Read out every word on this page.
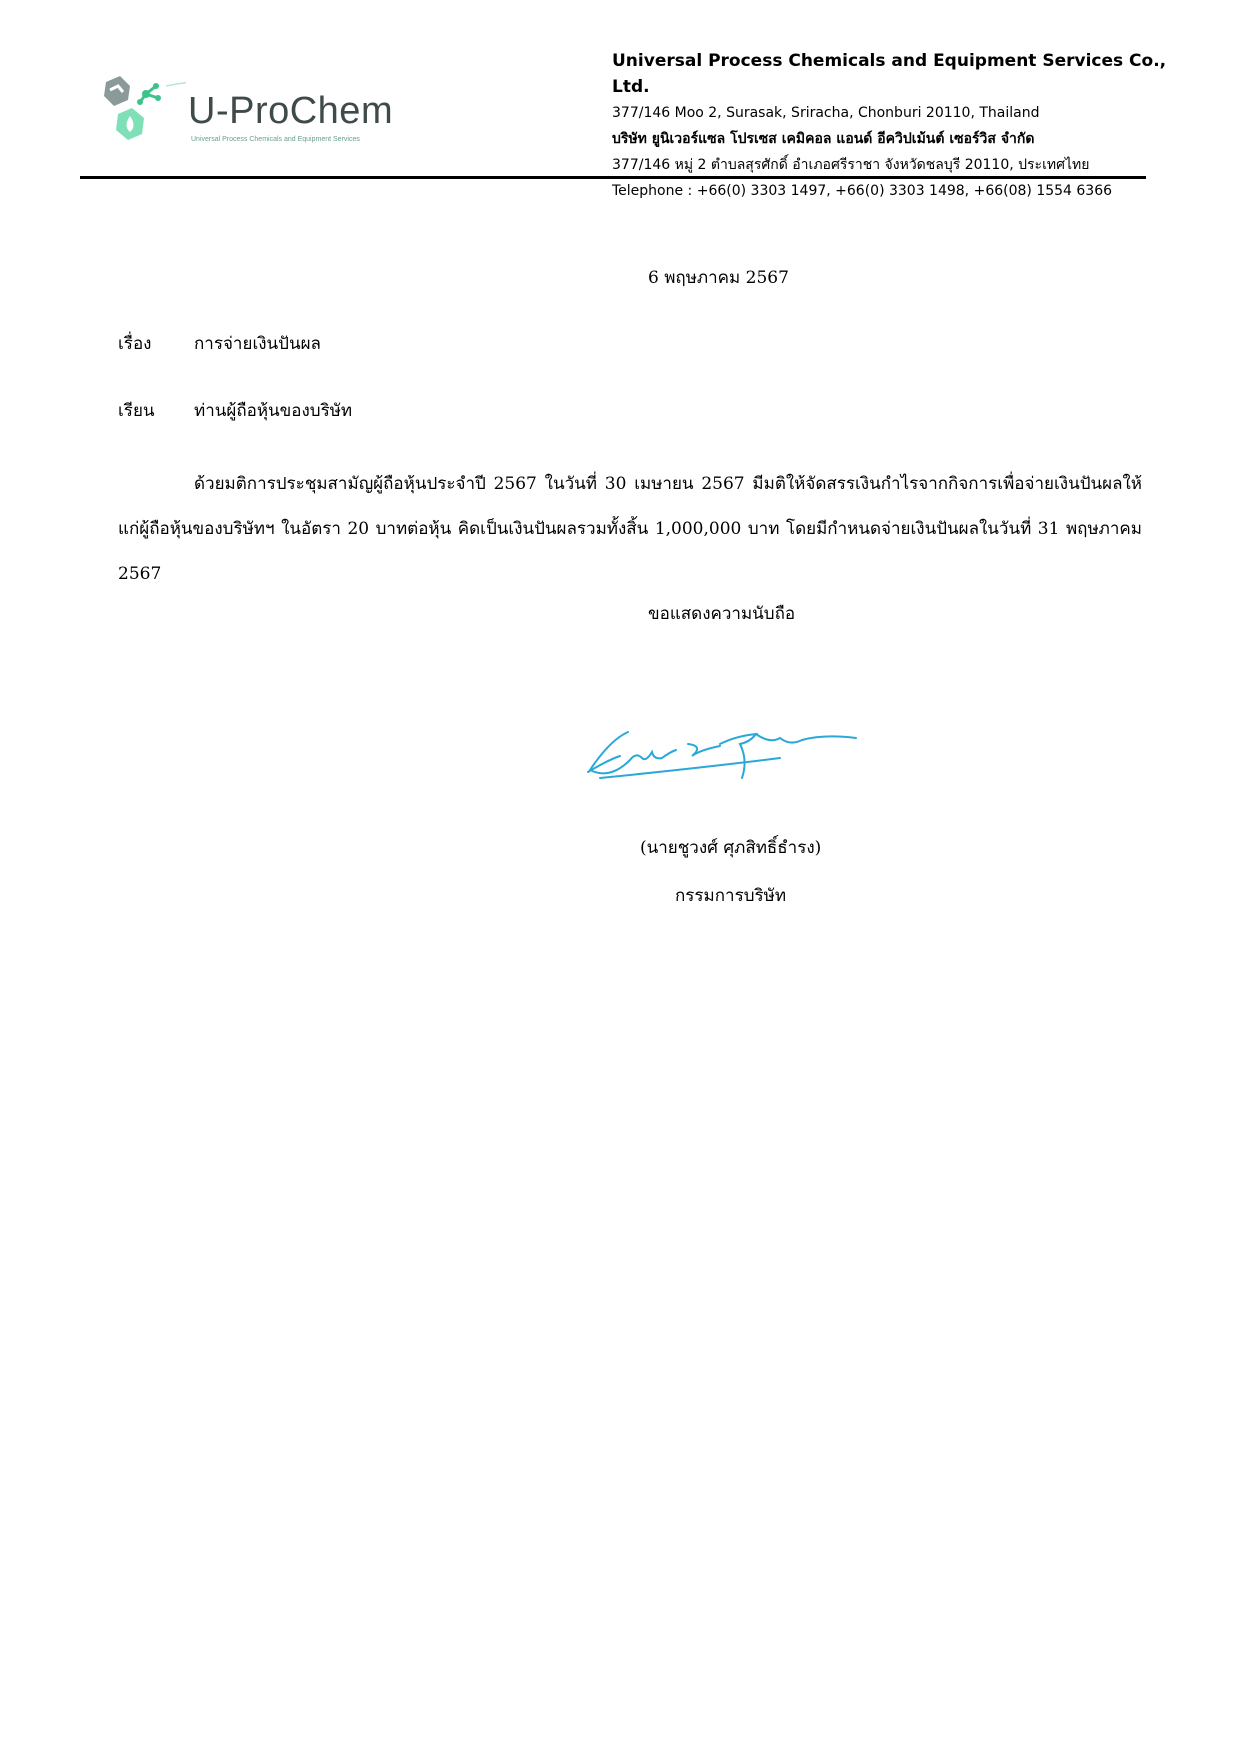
U-ProChem
Universal Process Chemicals and Equipment Services
Universal Process Chemicals and Equipment Services Co., Ltd.
377/146 Moo 2, Surasak, Sriracha, Chonburi 20110, Thailand
บริษัท ยูนิเวอร์แซล โปรเซส เคมิคอล แอนด์ อีควิปเม้นต์ เซอร์วิส จำกัด
377/146 หมู่ 2 ตำบลสุรศักดิ์ อำเภอศรีราชา จังหวัดชลบุรี 20110, ประเทศไทย
Telephone : +66(0) 3303 1497, +66(0) 3303 1498, +66(08) 1554 6366
6 พฤษภาคม 2567
เรื่อง	การจ่ายเงินปันผล
เรียน ท่านผู้ถือหุ้นของบริษัท
ด้วยมติการประชุมสามัญผู้ถือหุ้นประจำปี 2567 ในวันที่ 30 เมษายน 2567 มีมติให้จัดสรรเงินกำไรจากกิจการเพื่อจ่ายเงินปันผลให้แก่ผู้ถือหุ้นของบริษัทฯ ในอัตรา 20 บาทต่อหุ้น คิดเป็นเงินปันผลรวมทั้งสิ้น 1,000,000 บาท โดยมีกำหนดจ่ายเงินปันผลในวันที่ 31 พฤษภาคม 2567
ขอแสดงความนับถือ
(นายชูวงศ์ ศุภสิทธิ์ธำรง)
กรรมการบริษัท
